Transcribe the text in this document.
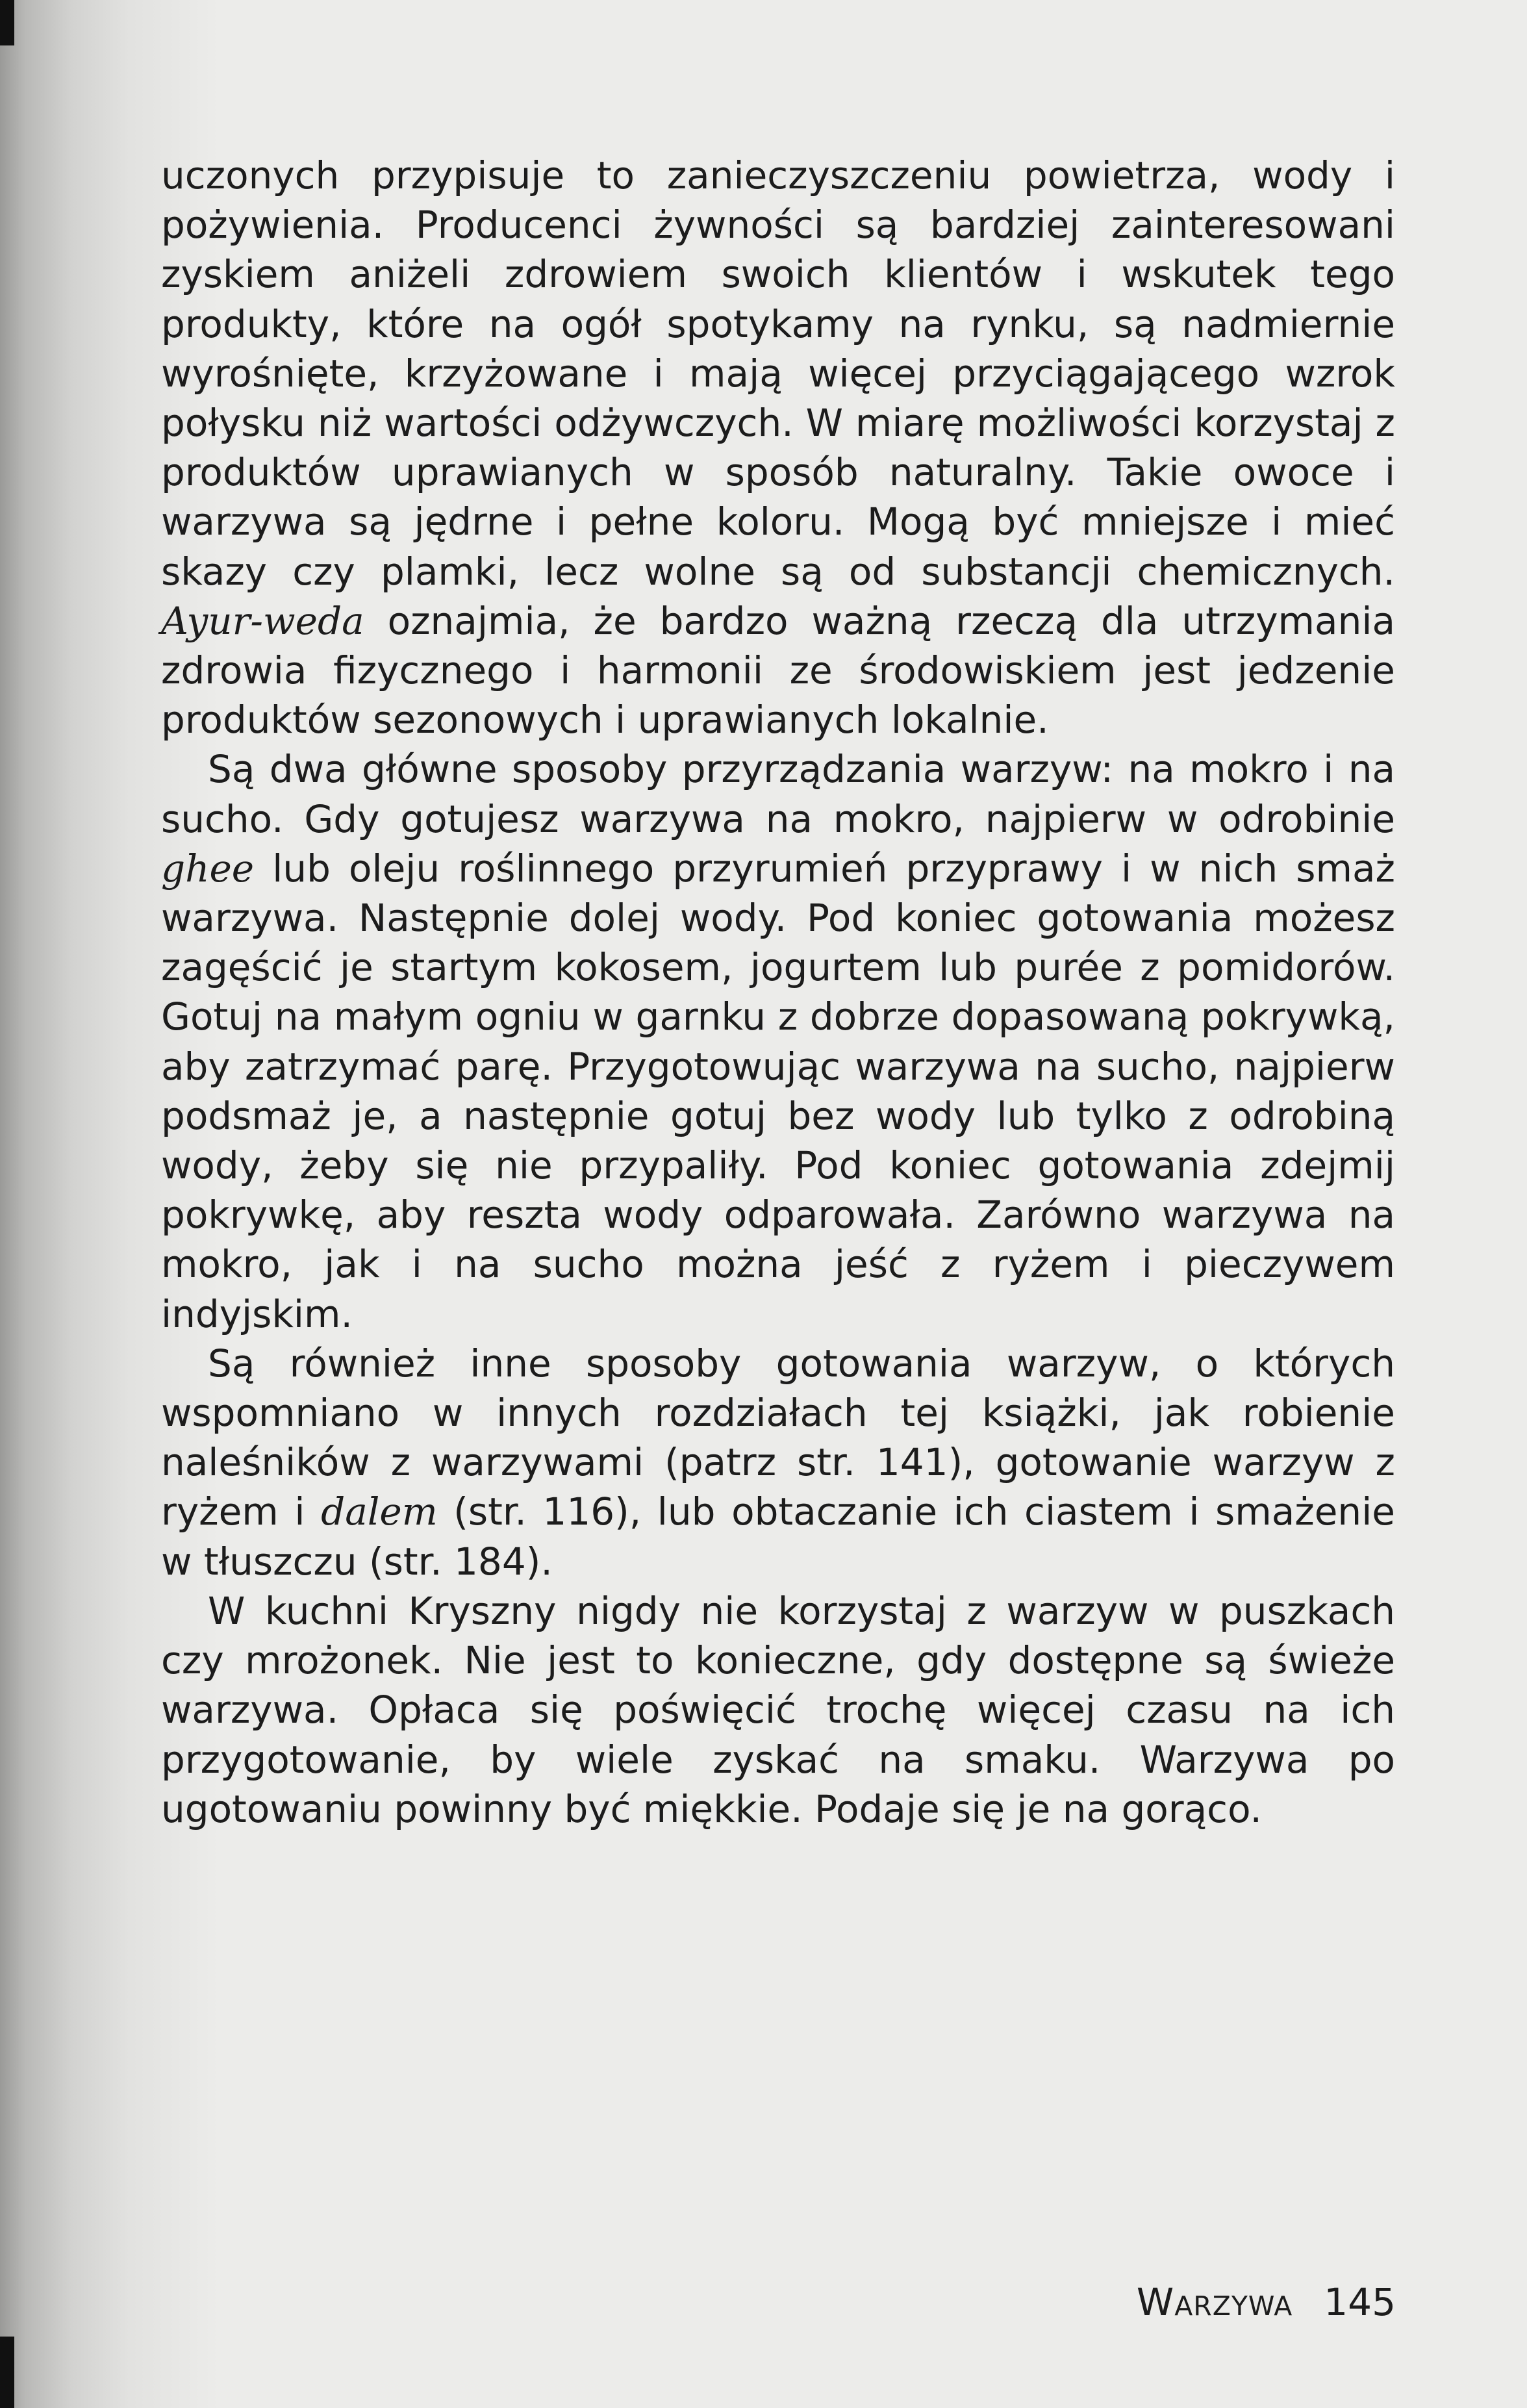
uczonych przypisuje to zanieczyszczeniu powietrza, wody i pożywienia. Producenci żywności są bardziej zainteresowani zyskiem aniżeli zdrowiem swoich klientów i wskutek tego produkty, które na ogół spotykamy na rynku, są nadmiernie wyrośnięte, krzyżowane i mają więcej przyciągającego wzrok połysku niż wartości odżywczych. W miarę możliwości korzystaj z produktów uprawianych w sposób naturalny. Takie owoce i warzywa są jędrne i pełne koloru. Mogą być mniejsze i mieć skazy czy plamki, lecz wolne są od substancji chemicznych. Ayur-weda oznajmia, że bardzo ważną rzeczą dla utrzymania zdrowia fizycznego i harmonii ze środowiskiem jest jedzenie produktów sezonowych i uprawianych lokalnie.

Są dwa główne sposoby przyrządzania warzyw: na mokro i na sucho. Gdy gotujesz warzywa na mokro, najpierw w odrobinie ghee lub oleju roślinnego przyrumień przyprawy i w nich smaż warzywa. Następnie dolej wody. Pod koniec gotowania możesz zagęścić je startym kokosem, jogurtem lub purée z pomidorów. Gotuj na małym ogniu w garnku z dobrze dopasowaną pokrywką, aby zatrzymać parę. Przygotowując warzywa na sucho, najpierw podsmaż je, a następnie gotuj bez wody lub tylko z odrobiną wody, żeby się nie przypaliły. Pod koniec gotowania zdejmij pokrywkę, aby reszta wody odparowała. Zarówno warzywa na mokro, jak i na sucho można jeść z ryżem i pieczywem indyjskim.

Są również inne sposoby gotowania warzyw, o których wspomniano w innych rozdziałach tej książki, jak robienie naleśników z warzywami (patrz str. 141), gotowanie warzyw z ryżem i dalem (str. 116), lub obtaczanie ich ciastem i smażenie w tłuszczu (str. 184).

W kuchni Kryszny nigdy nie korzystaj z warzyw w puszkach czy mrożonek. Nie jest to konieczne, gdy dostępne są świeże warzywa. Opłaca się poświęcić trochę więcej czasu na ich przygotowanie, by wiele zyskać na smaku. Warzywa po ugotowaniu powinny być miękkie. Podaje się je na gorąco.

Warzywa 145
